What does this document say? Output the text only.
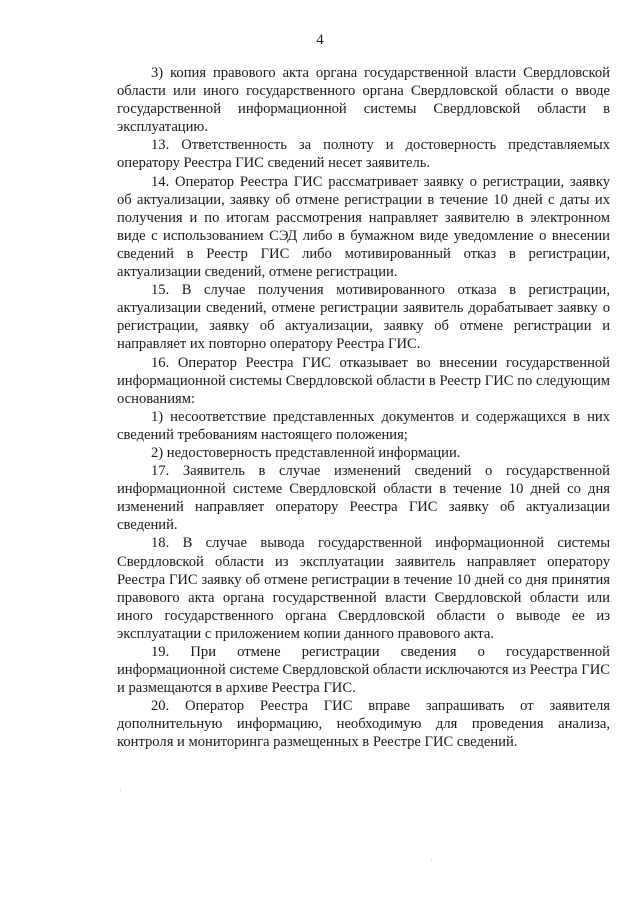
4

3) копия правового акта органа государственной власти Свердловской области или иного государственного органа Свердловской области о вводе государственной информационной системы Свердловской области в эксплуатацию.

13. Ответственность за полноту и достоверность представляемых оператору Реестра ГИС сведений несет заявитель.

14. Оператор Реестра ГИС рассматривает заявку о регистрации, заявку об актуализации, заявку об отмене регистрации в течение 10 дней с даты их получения и по итогам рассмотрения направляет заявителю в электронном виде с использованием СЭД либо в бумажном виде уведомление о внесении сведений в Реестр ГИС либо мотивированный отказ в регистрации, актуализации сведений, отмене регистрации.

15. В случае получения мотивированного отказа в регистрации, актуализации сведений, отмене регистрации заявитель дорабатывает заявку о регистрации, заявку об актуализации, заявку об отмене регистрации и направляет их повторно оператору Реестра ГИС.

16. Оператор Реестра ГИС отказывает во внесении государственной информационной системы Свердловской области в Реестр ГИС по следующим основаниям:

1) несоответствие представленных документов и содержащихся в них сведений требованиям настоящего положения;

2) недостоверность представленной информации.

17. Заявитель в случае изменений сведений о государственной информационной системе Свердловской области в течение 10 дней со дня изменений направляет оператору Реестра ГИС заявку об актуализации сведений.

18. В случае вывода государственной информационной системы Свердловской области из эксплуатации заявитель направляет оператору Реестра ГИС заявку об отмене регистрации в течение 10 дней со дня принятия правового акта органа государственной власти Свердловской области или иного государственного органа Свердловской области о выводе ее из эксплуатации с приложением копии данного правового акта.

19. При отмене регистрации сведения о государственной информационной системе Свердловской области исключаются из Реестра ГИС и размещаются в архиве Реестра ГИС.

20. Оператор Реестра ГИС вправе запрашивать от заявителя дополнительную информацию, необходимую для проведения анализа, контроля и мониторинга размещенных в Реестре ГИС сведений.
